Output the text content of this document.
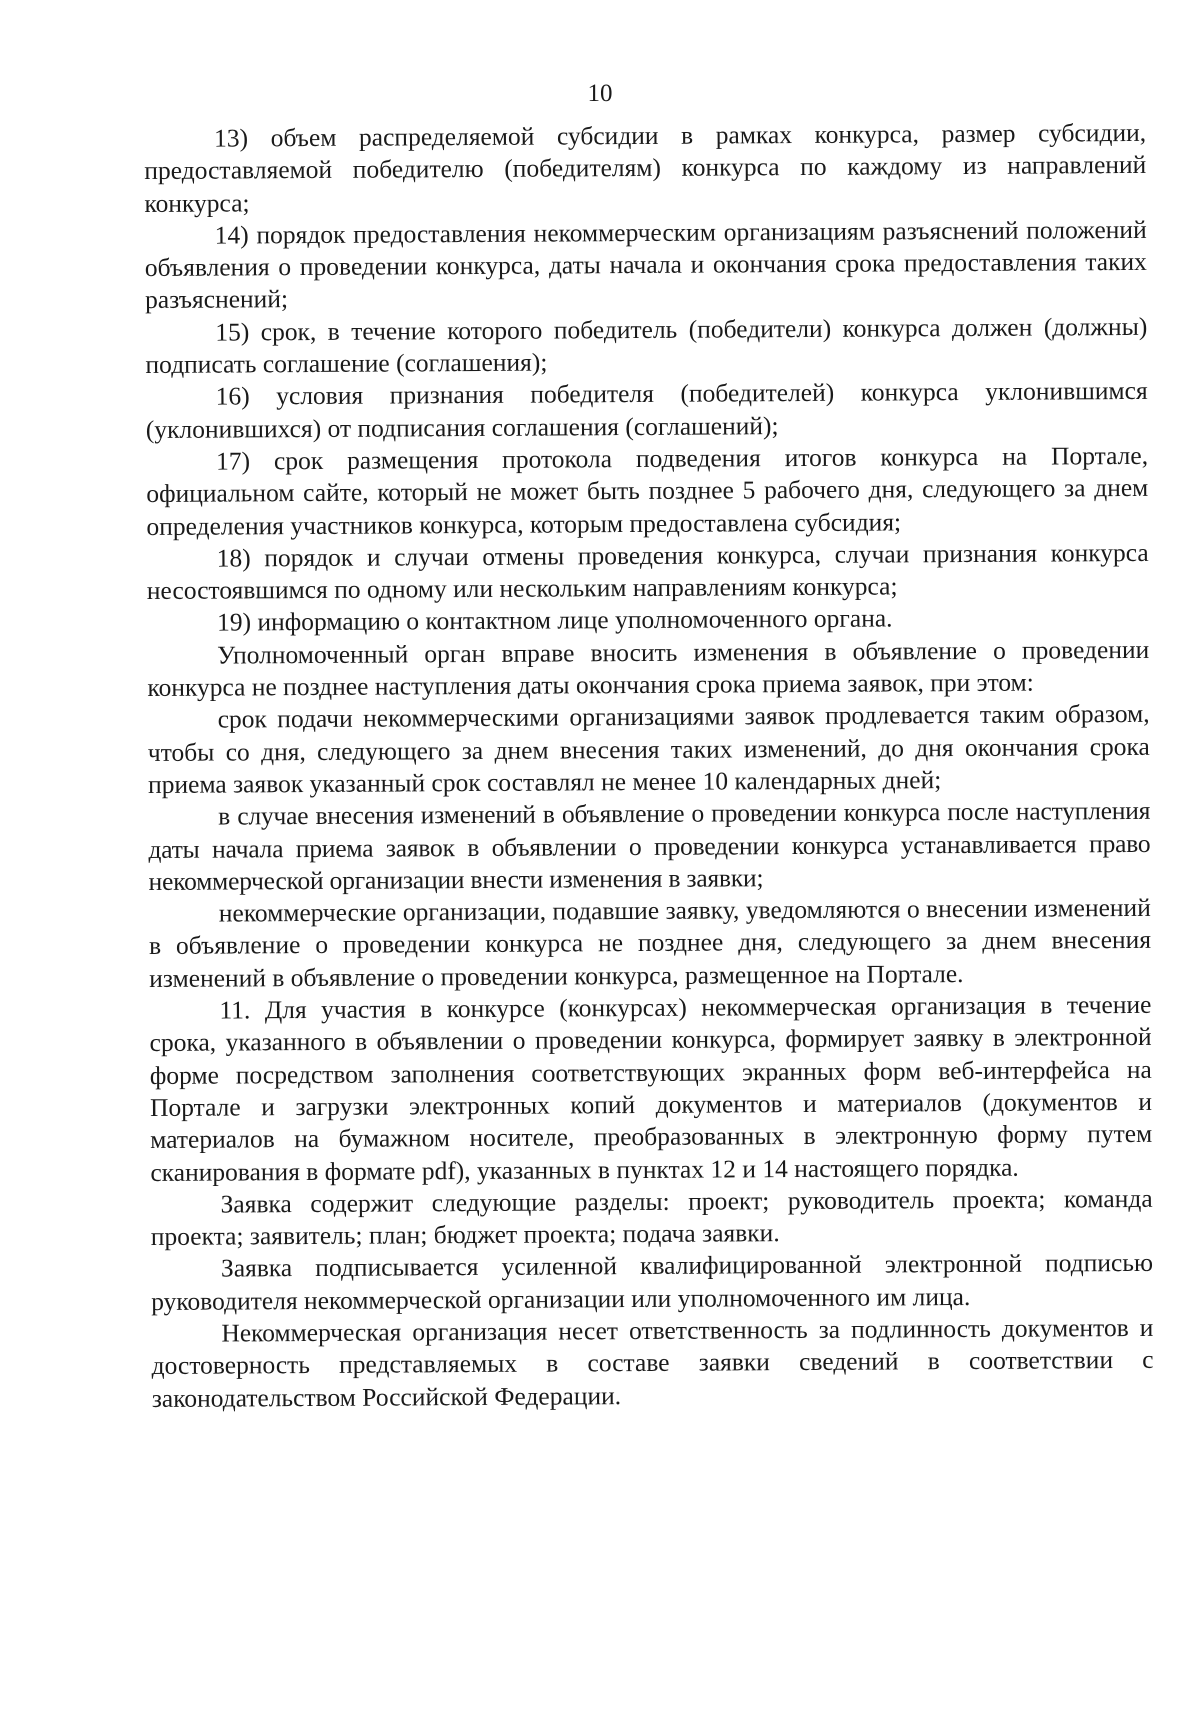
10

13) объем распределяемой субсидии в рамках конкурса, размер субсидии, предоставляемой победителю (победителям) конкурса по каждому из направлений конкурса;

14) порядок предоставления некоммерческим организациям разъяснений положений объявления о проведении конкурса, даты начала и окончания срока предоставления таких разъяснений;

15) срок, в течение которого победитель (победители) конкурса должен (должны) подписать соглашение (соглашения);

16) условия признания победителя (победителей) конкурса уклонившимся (уклонившихся) от подписания соглашения (соглашений);

17) срок размещения протокола подведения итогов конкурса на Портале, официальном сайте, который не может быть позднее 5 рабочего дня, следующего за днем определения участников конкурса, которым предоставлена субсидия;

18) порядок и случаи отмены проведения конкурса, случаи признания конкурса несостоявшимся по одному или нескольким направлениям конкурса;

19) информацию о контактном лице уполномоченного органа.

Уполномоченный орган вправе вносить изменения в объявление о проведении конкурса не позднее наступления даты окончания срока приема заявок, при этом:

срок подачи некоммерческими организациями заявок продлевается таким образом, чтобы со дня, следующего за днем внесения таких изменений, до дня окончания срока приема заявок указанный срок составлял не менее 10 календарных дней;

в случае внесения изменений в объявление о проведении конкурса после наступления даты начала приема заявок в объявлении о проведении конкурса устанавливается право некоммерческой организации внести изменения в заявки;

некоммерческие организации, подавшие заявку, уведомляются о внесении изменений в объявление о проведении конкурса не позднее дня, следующего за днем внесения изменений в объявление о проведении конкурса, размещенное на Портале.

11. Для участия в конкурсе (конкурсах) некоммерческая организация в течение срока, указанного в объявлении о проведении конкурса, формирует заявку в электронной форме посредством заполнения соответствующих экранных форм веб-интерфейса на Портале и загрузки электронных копий документов и материалов (документов и материалов на бумажном носителе, преобразованных в электронную форму путем сканирования в формате pdf), указанных в пунктах 12 и 14 настоящего порядка.

Заявка содержит следующие разделы: проект; руководитель проекта; команда проекта; заявитель; план; бюджет проекта; подача заявки.

Заявка подписывается усиленной квалифицированной электронной подписью руководителя некоммерческой организации или уполномоченного им лица.

Некоммерческая организация несет ответственность за подлинность документов и достоверность представляемых в составе заявки сведений в соответствии с законодательством Российской Федерации.
